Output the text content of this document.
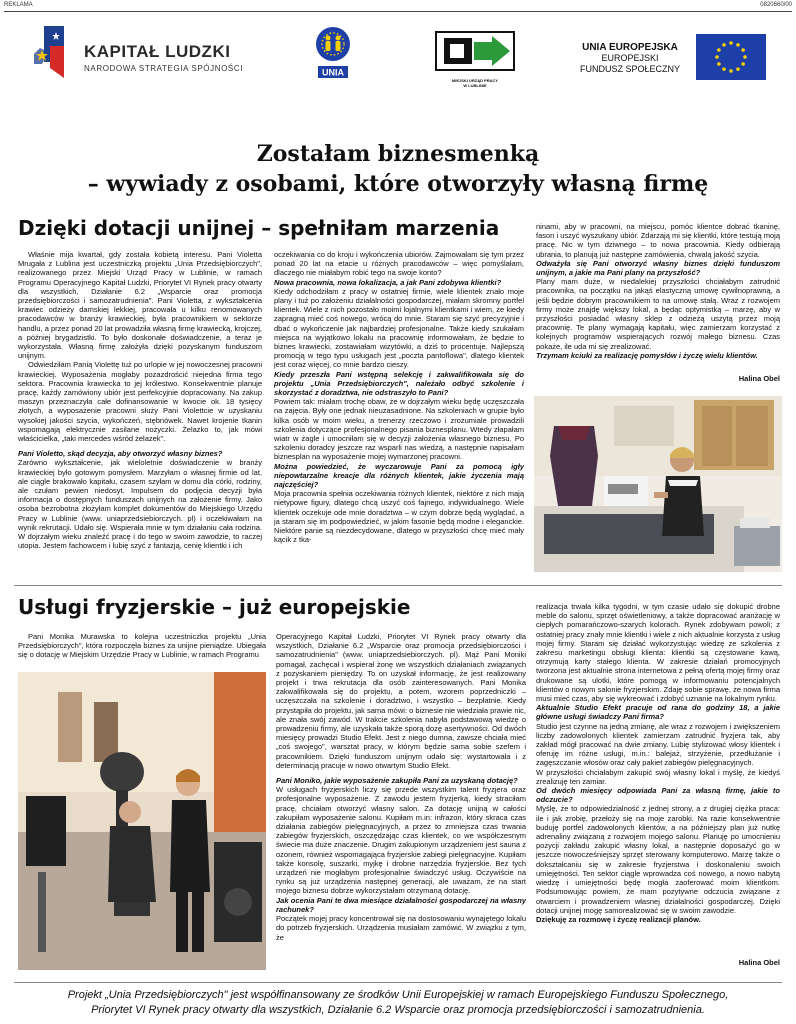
REKLAMA	0820660/00
KAPITAŁ LUDZKI
NARODOWA STRATEGIA SPÓJNOŚCI	UNIA
MIEJSKI URZĄD PRACY
W LUBLINIE
UNIA EUROPEJSKA
EUROPEJSKI
FUNDUSZ SPOŁECZNY
Zostałam biznesmenką
– wywiady z osobami, które otworzyły własną firmę
Dzięki dotacji unijnej – spełniłam marzenia

Właśnie mija kwartał, gdy została kobietą interesu. Pani Violetta Mrugała z Lublina jest uczestniczką projektu „Unia Przedsiębiorczych", realizowanego przez Miejski Urząd Pracy w Lublinie, w ramach Programu Operacyjnego Kapitał Ludzki, Priorytet VI Rynek pracy otwarty dla wszystkich, Działanie 6.2 „Wsparcie oraz promocja przedsiębiorczości i samozatrudnienia". Pani Violetta, z wykształcenia krawiec odzieży damskiej lekkiej, pracowała u kilku renomowanych pracodawców w branży krawieckiej, była pracownikiem w sektorze handlu, a przez ponad 20 lat prowadziła własną firmę krawiecką, krojczej, a później brygadzistki. To było doskonałe doświadczenie, a teraz je wykorzystała. Własną firmę założyła dzięki pozyskanym funduszom unijnym.

Odwiedziłam Panią Violettę tuż po urlopie w jej nowoczesnej pracowni krawieckiej. Wyposażenia mogłaby pozazdrościć niejedna firma tego sektora. Pracownia krawiecka to jej królestwo. Konsekwentnie planuje pracę, każdy zamówiony ubiór jest perfekcyjnie dopracowany. Na zakup maszyn przeznaczyła całe dofinansowanie w kwocie ok. 18 tysięcy złotych, a wyposażenie pracowni służy Pani Violettcie w uzyskaniu wysokiej jakości szycia, wykończeń, stębnówek. Nawet krojenie tkanin wspomagają elektrycznie zasilane nożyczki. Żelazko to, jak mówi właścicielka, „taki mercedes wśród żelazek".

Pani Violetto, skąd decyzja, aby otworzyć własny biznes?

Zarówno wykształcenie, jak wieloletnie doświadczenie w branży krawieckiej było gotowym pomysłem. Marzyłam o własnej firmie od lat, ale ciągle brakowało kapitału, czasem szyłam w domu dla córki, rodziny, ale czułam pewien niedosyt. Impulsem do podjęcia decyzji była informacja o dostępnych funduszach unijnych na założenie firmy. Jako osoba bezrobotna złożyłam komplet dokumentów do Miejskiego Urzędu Pracy w Lublinie (www. uniaprzedsiebiorczych. pl) i oczekiwałam na wynik rekrutacji. Udało się. Wspierała mnie w tym działaniu cała rodzina. W dojrzałym wieku znaleźć pracę i do tego w swoim zawodzie, to raczej utopia. Jestem fachowcem i lubię szyć z fantazją, cenię klientki i ich

oczekiwania co do kroju i wykończenia ubiorów. Zajmowałam się tym przez ponad 20 lat na etacie u różnych pracodawców – więc pomyślałam, dlaczego nie miałabym robić tego na swoje konto?

Nowa pracownia, nowa lokalizacja, a jak Pani zdobywa klientki?

Kiedy odchodziłam z pracy w ostatniej firmie, wiele klientek znało moje plany i tuż po założeniu działalności gospodarczej, miałam skromny portfel klientek. Wiele z nich pozostało moimi lojalnymi klientkami i wiem, że kiedy zapragną mieć coś nowego, wrócą do mnie. Staram się szyć precyzyjnie i dbać o wykończenie jak najbardziej profesjonalne. Także kiedy szukałam miejsca na wyjątkowo lokalu na pracownię informowałam, że będzie to biznes krawiecki, zostawiałam wizytówki, a dziś to procentuje. Najlepszą promocją w tego typu usługach jest „poczta pantoflowa", dlatego klientek jest coraz więcej, co mnie bardzo cieszy.

Kiedy przeszła Pani wstępną selekcję i zakwalifikowała się do projektu „Unia Przedsiębiorczych", należało odbyć szkolenie i skorzystać z doradztwa, nie odstraszyło to Pani?

Powiem tak: miałam trochę obaw, że w dojrzałym wieku będę uczęszczała na zajęcia. Były one jednak nieuzasadnione. Na szkoleniach w grupie było kilka osób w moim wieku, a trenerzy rzeczowo i zrozumiale prowadzili szkolenia dotyczące profesjonalnego pisania biznesplanu. Wtedy złapałam wiatr w żagle i umocniłam się w decyzji założenia własnego biznesu. Po szkoleniu doradcy jeszcze raz wsparli nas wiedzą, a następnie napisałam biznesplan na wyposażenie mojej wymarzonej pracowni.

Można powiedzieć, że wyczarowuje Pani za pomocą igły niepowtarzalne kreacje dla różnych klientek, jakie życzenia mają najczęściej?

Moja pracownia spełnia oczekiwania różnych klientek, niektóre z nich mają nietypowe figury, dlatego chcą uszyć coś fajnego, indywidualnego. Wiele klientek oczekuje ode mnie doradztwa – w czym dobrze będą wyglądać, a ja staram się im podpowiedzieć, w jakim fasonie będą modne i eleganckie. Niektóre panie są niezdecydowane, dlatego w przyszłości chcę mieć mały kącik z tka-

ninami, aby w pracowni, na miejscu, pomóc klientce dobrać tkaninę, fason i uszyć wyszukany ubiór. Zdarzają mi się klientki, które testują moją pracę. Nic w tym dziwnego – to nowa pracownia. Kiedy odbierają ubrania, to planują już następne zamówienia, chwalą jakość szycia.

Odważyła się Pani otworzyć własny biznes dzięki funduszom unijnym, a jakie ma Pani plany na przyszłość?

Plany mam duże, w niedalekiej przyszłości chciałabym zatrudnić pracownika, na początku na jakąś elastyczną umowę cywilnoprawną, a jeśli będzie dobrym pracownikiem to na umowę stałą. Wraz z rozwojem firmy może znajdę większy lokal, a będąc optymistką – marzę, aby w przyszłości posiadać własny sklep z odzieżą uszytą przez moją pracownię. Te plany wymagają kapitału, więc zamierzam korzystać z kolejnych programów wspierających rozwój małego biznesu. Czas pokaże, ile uda mi się zrealizować.

Trzymam kciuki za realizację pomysłów i życzę wielu klientów.

Halina Obel

Usługi fryzjerskie – już europejskie

Pani Monika Murawska to kolejna uczestniczka projektu „Unia Przedsiębiorczych", która rozpoczęła biznes za unijne pieniądze. Ubiegała się o dotację w Miejskim Urzędzie Pracy w Lublinie, w ramach Programu

Operacyjnego Kapitał Ludzki, Priorytet VI Rynek pracy otwarty dla wszystkich, Działanie 6.2 „Wsparcie oraz promocja przedsiębiorczości i samozatrudnienia" (www. uniaprzedsiebiorczych. pl). Mąż Pani Moniki pomagał, zachęcał i wspierał żonę we wszystkich działaniach związanych z pozyskaniem pieniędzy. To on uzyskał informację, że jest realizowany projekt i trwa rekrutacja dla osób zainteresowanych. Pani Monika zakwalifikowała się do projektu, a potem, wzorem poprzedniczki – uczęszczała na szkolenie i doradztwo, i wszystko – bezpłatnie. Kiedy przystąpiła do projektu, jak sama mówi: o biznesie nie wiedziała prawie nic, ale znała swój zawód. W trakcie szkolenia nabyła podstawową wiedzę o prowadzeniu firmy, ale uzyskała także sporą dozę asertywności. Od dwóch miesięcy prowadzi Studio Efekt. Jest z niego dumna, zawsze chciała mieć „coś swojego", warsztat pracy, w którym będzie sama sobie szefem i pracownikiem. Dzięki funduszom unijnym udało się: wystartowała i z determinacją pracuje w nowo otwartym Studio Efekt.

Pani Moniko, jakie wyposażenie zakupiła Pani za uzyskaną dotację?

W usługach fryzjerskich liczy się przede wszystkim talent fryzjera oraz profesjonalne wyposażenie. Z zawodu jestem fryzjerką, kiedy straciłam pracę, chciałam otworzyć własny salon. Za dotację unijną w całości zakupiłam wyposażenie salonu. Kupiłam m.in: infrazon, który skraca czas działania zabiegów pielęgnacyjnych, a przez to zmniejsza czas trwania zabiegów fryzjerskich, oszczędzając czas klientek, co we współczesnym świecie ma duże znaczenie. Drugim zakupionym urządzeniem jest sauna z ozonem, również wspomagająca fryzjerskie zabiegi pielęgnacyjne. Kupiłam także konsolę, suszarki, myjkę i drobne narzędzia fryzjerskie. Bez tych urządzeń nie mogłabym profesjonalnie świadczyć usług. Oczywiście na rynku są już urządzenia następnej generacji, ale uważam, że na start mojego biznesu dobrze wykorzystałam otrzymaną dotację.

Jak ocenia Pani te dwa miesiące działalności gospodarczej na własny rachunek?

Początek mojej pracy koncentrował się na dostosowaniu wynajętego lokalu do potrzeb fryzjerskich. Urządzenia musiałam zamówić. W związku z tym, że

realizacja trwała kilka tygodni, w tym czasie udało się dokupić drobne meble do salonu, sprzęt oświetleniowy, a także dopracować aranżację w ciepłych pomarańczowo-szarych kolorach. Rynek zdobywam powoli; z ostatniej pracy znały mnie klientki i wiele z nich aktualnie korzysta z usług mojej firmy. Staram się działać wykorzystując wiedzę ze szkolenia z zakresu marketingu obsługi klienta: klientki są częstowane kawą, otrzymują karty stałego klienta. W zakresie działań promocyjnych tworzona jest aktualnie strona internetowa z pełną ofertą mojej firmy oraz drukowane są ulotki, które pomogą w informowaniu potencjalnych klientów o nowym salonie fryzjerskim. Zdaję sobie sprawę, że nowa firma musi mieć czas, aby się wykreować i zdobyć uznanie na lokalnym rynku.

Aktualnie Studio Efekt pracuje od rana do godziny 18, a jakie główne usługi świadczy Pani firma?

Studio jest czynne na jedną zmianę, ale wraz z rozwojem i zwiększeniem liczby zadowolonych klientek zamierzam zatrudnić fryzjera tak, aby zakład mógł pracować na dwie zmiany. Lubię stylizować włosy klientek i oferuję im różne usługi, m.in.: balejaż, strzyżenie, przedłużanie i zagęszczanie włosów oraz cały pakiet zabiegów pielęgnacyjnych.

W przyszłości chciałabym zakupić swój własny lokal i myślę, że kiedyś zrealizuję ten zamiar.

Od dwóch miesięcy odpowiada Pani za własną firmę, jakie to odczucie?

Myślę, że to odpowiedzialność z jednej strony, a z drugiej ciężka praca: ile i jak zrobię, przełoży się na moje zarobki. Na razie konsekwentnie buduję portfel zadowolonych klientów, a na późniejszy plan już nutkę adrenaliny związaną z rozwojem mojego salonu. Planuję po umocnieniu pozycji zakładu zakupić własny lokal, a następnie doposażyć go w jeszcze nowocześniejszy sprzęt sterowany komputerowo. Marzę także o dokształcaniu się w zakresie fryzjerstwa i doskonaleniu swoich umiejętności. Ten sektor ciągle wprowadza coś nowego, a nowo nabytą wiedzę i umiejętności będę mogła zaoferować moim klientkom. Podsumowując powiem, że mam pozytywne odczucia związane z otwarciem i prowadzeniem własnej działalności gospodarczej. Dzięki dotacji unijnej mogę samorealizować się w swoim zawodzie.

Dziękuję za rozmowę i życzę realizacji planów.

Halina Obel

Projekt „Unia Przedsiębiorczych" jest współfinansowany ze środków Unii Europejskiej w ramach Europejskiego Funduszu Społecznego,
Priorytet VI Rynek pracy otwarty dla wszystkich, Działanie 6.2 Wsparcie oraz promocja przedsiębiorczości i samozatrudnienia.
